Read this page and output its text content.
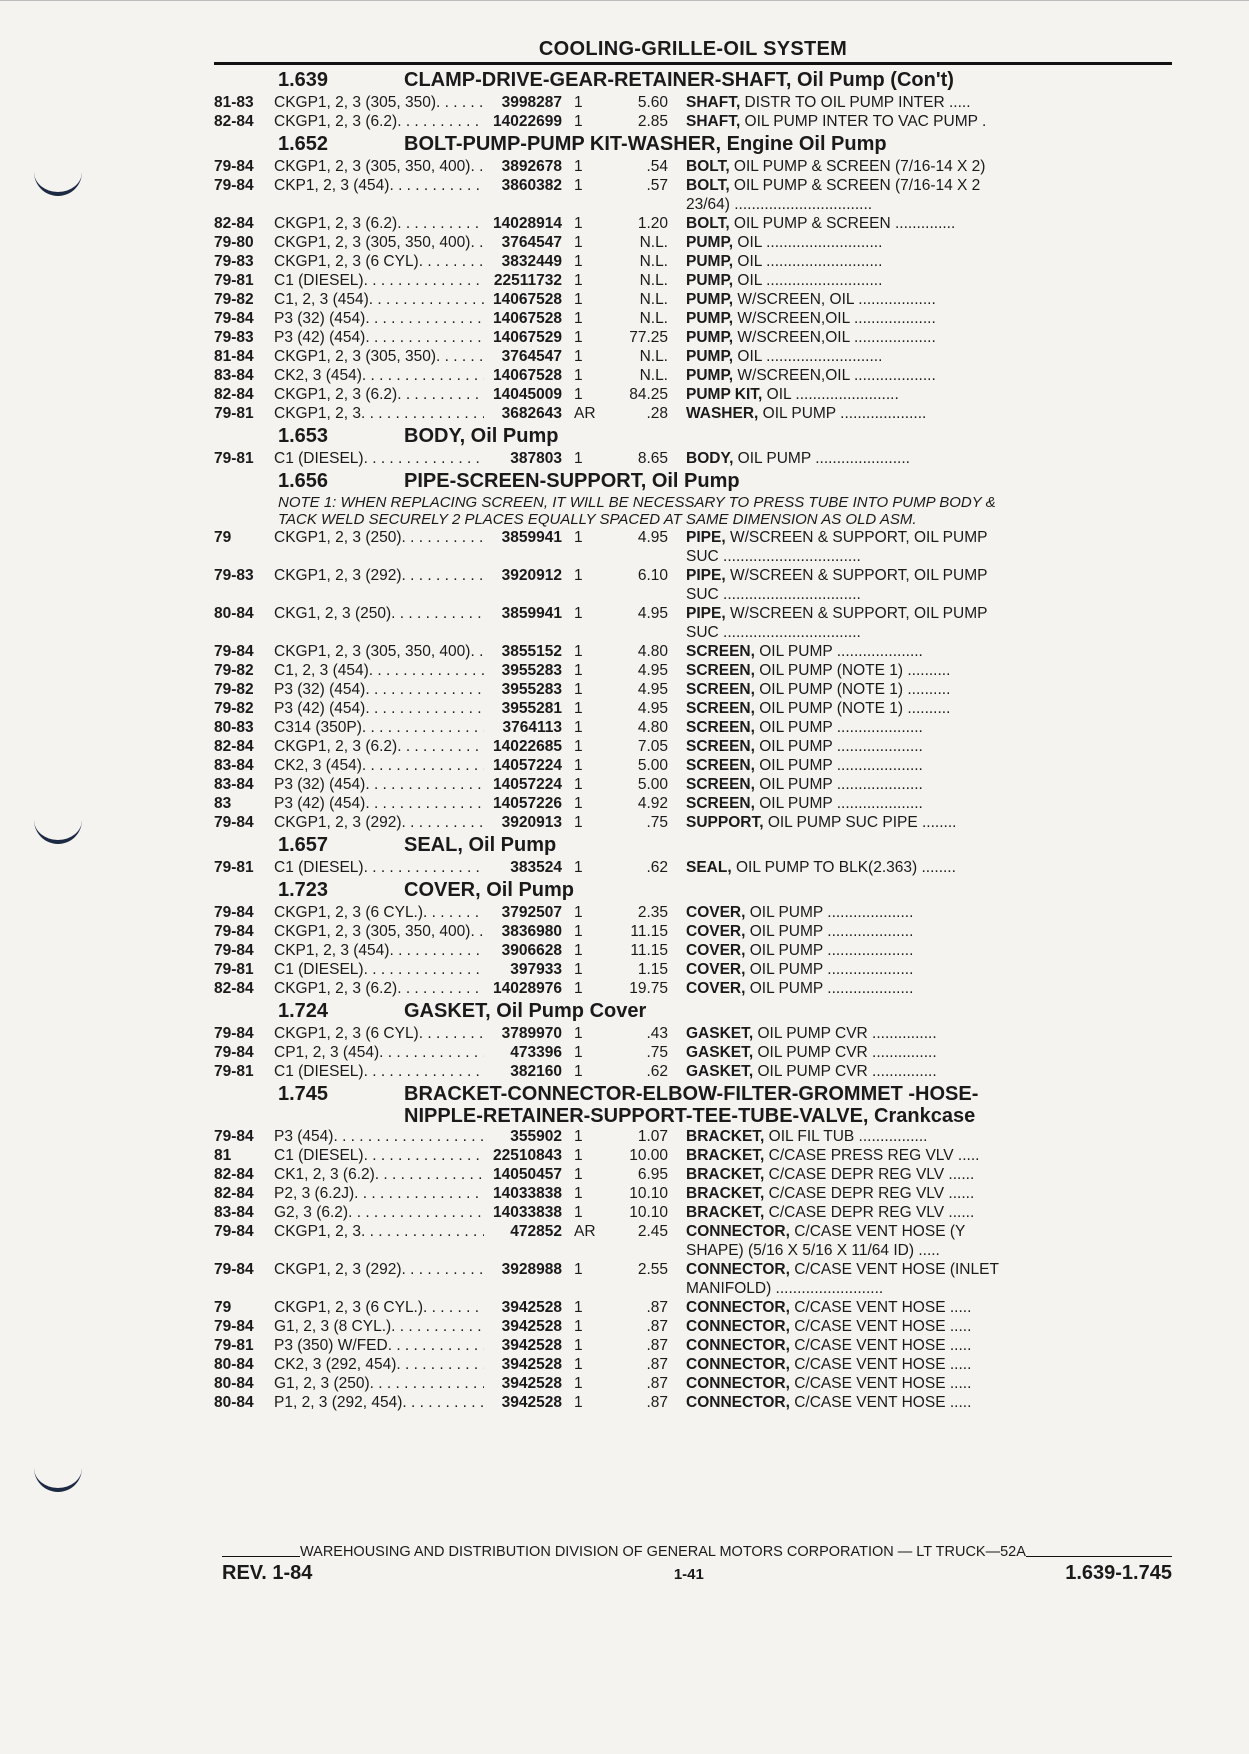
COOLING-GRILLE-OIL SYSTEM
1.639	CLAMP-DRIVE-GEAR-RETAINER-SHAFT, Oil Pump (Con't)
81-83	CKGP1, 2, 3 (305, 350) . . .	3998287 1	5.60	SHAFT, DISTR TO OIL PUMP INTER .....
82-84	CKGP1, 2, 3 (6.2) . . .	14022699 1	2.85	SHAFT, OIL PUMP INTER TO VAC PUMP .
1.652	BOLT-PUMP-PUMP KIT-WASHER, Engine Oil Pump
79-84	CKGP1, 2, 3 (305, 350, 400) . . .	3892678 1	.54	BOLT, OIL PUMP & SCREEN (7/16-14 X 2)
79-84	CKP1, 2, 3 (454) . . .	3860382 1	.57	BOLT, OIL PUMP & SCREEN (7/16-14 X 2
23/64) ................................
82-84	CKGP1, 2, 3 (6.2) . . .	14028914 1	1.20	BOLT, OIL PUMP & SCREEN ..............
79-80	CKGP1, 2, 3 (305, 350, 400) . . .	3764547 1	N.L.	PUMP, OIL ...........................
79-83	CKGP1, 2, 3 (6 CYL) . . .	3832449 1	N.L.	PUMP, OIL ...........................
79-81	C1 (DIESEL) . . .	22511732 1	N.L.	PUMP, OIL ...........................
79-82	C1, 2, 3 (454) . . .	14067528 1	N.L.	PUMP, W/SCREEN, OIL ..................
79-84	P3 (32) (454) . . .	14067528 1	N.L.	PUMP, W/SCREEN,OIL ...................
79-83	P3 (42) (454) . . .	14067529 1	77.25	PUMP, W/SCREEN,OIL ...................
81-84	CKGP1, 2, 3 (305, 350) . . .	3764547 1	N.L.	PUMP, OIL ...........................
83-84	CK2, 3 (454) . . .	14067528 1	N.L.	PUMP, W/SCREEN,OIL ...................
82-84	CKGP1, 2, 3 (6.2) . . .	14045009 1	84.25	PUMP KIT, OIL ........................
79-81	CKGP1, 2, 3 . . .	3682643 AR	.28	WASHER, OIL PUMP ....................
1.653	BODY, Oil Pump
79-81	C1 (DIESEL) . . .	387803 1	8.65	BODY, OIL PUMP ......................
1.656	PIPE-SCREEN-SUPPORT, Oil Pump
NOTE 1: WHEN REPLACING SCREEN, IT WILL BE NECESSARY TO PRESS TUBE INTO PUMP BODY &
TACK WELD SECURELY 2 PLACES EQUALLY SPACED AT SAME DIMENSION AS OLD ASM.
79	CKGP1, 2, 3 (250) . . .	3859941 1	4.95	PIPE, W/SCREEN & SUPPORT, OIL PUMP
SUC ................................
79-83	CKGP1, 2, 3 (292) . . .	3920912 1	6.10	PIPE, W/SCREEN & SUPPORT, OIL PUMP
SUC ................................
80-84	CKG1, 2, 3 (250) . . .	3859941 1	4.95	PIPE, W/SCREEN & SUPPORT, OIL PUMP
SUC ................................
79-84	CKGP1, 2, 3 (305, 350, 400) . . .	3855152 1	4.80	SCREEN, OIL PUMP ....................
79-82	C1, 2, 3 (454) . . .	3955283 1	4.95	SCREEN, OIL PUMP (NOTE 1) ..........
79-82	P3 (32) (454) . . .	3955283 1	4.95	SCREEN, OIL PUMP (NOTE 1) ..........
79-82	P3 (42) (454) . . .	3955281 1	4.95	SCREEN, OIL PUMP (NOTE 1) ..........
80-83	C314 (350P) . . .	3764113 1	4.80	SCREEN, OIL PUMP ....................
82-84	CKGP1, 2, 3 (6.2) . . .	14022685 1	7.05	SCREEN, OIL PUMP ....................
83-84	CK2, 3 (454) . . .	14057224 1	5.00	SCREEN, OIL PUMP ....................
83-84	P3 (32) (454) . . .	14057224 1	5.00	SCREEN, OIL PUMP ....................
83	P3 (42) (454) . . .	14057226 1	4.92	SCREEN, OIL PUMP ....................
79-84	CKGP1, 2, 3 (292) . . .	3920913 1	.75	SUPPORT, OIL PUMP SUC PIPE ........
1.657	SEAL, Oil Pump
79-81	C1 (DIESEL) . . .	383524 1	.62	SEAL, OIL PUMP TO BLK(2.363) ........
1.723	COVER, Oil Pump
79-84	CKGP1, 2, 3 (6 CYL.) . . .	3792507 1	2.35	COVER, OIL PUMP ....................
79-84	CKGP1, 2, 3 (305, 350, 400) . . .	3836980 1	11.15	COVER, OIL PUMP ....................
79-84	CKP1, 2, 3 (454) . . .	3906628 1	11.15	COVER, OIL PUMP ....................
79-81	C1 (DIESEL) . . .	397933 1	1.15	COVER, OIL PUMP ....................
82-84	CKGP1, 2, 3 (6.2) . . .	14028976 1	19.75	COVER, OIL PUMP ....................
1.724	GASKET, Oil Pump Cover
79-84	CKGP1, 2, 3 (6 CYL) . . .	3789970 1	.43	GASKET, OIL PUMP CVR ...............
79-84	CP1, 2, 3 (454) . . .	473396 1	.75	GASKET, OIL PUMP CVR ...............
79-81	C1 (DIESEL) . . .	382160 1	.62	GASKET, OIL PUMP CVR ...............
1.745	BRACKET-CONNECTOR-ELBOW-FILTER-GROMMET -HOSE-
NIPPLE-RETAINER-SUPPORT-TEE-TUBE-VALVE, Crankcase
79-84	P3 (454) . . .	355902 1	1.07	BRACKET, OIL FIL TUB ................
81	C1 (DIESEL) . . .	22510843 1	10.00	BRACKET, C/CASE PRESS REG VLV .....
82-84	CK1, 2, 3 (6.2) . . .	14050457 1	6.95	BRACKET, C/CASE DEPR REG VLV ......
82-84	P2, 3 (6.2J) . . .	14033838 1	10.10	BRACKET, C/CASE DEPR REG VLV ......
83-84	G2, 3 (6.2) . . .	14033838 1	10.10	BRACKET, C/CASE DEPR REG VLV ......
79-84	CKGP1, 2, 3 . . .	472852 AR	2.45	CONNECTOR, C/CASE VENT HOSE (Y
SHAPE) (5/16 X 5/16 X 11/64 ID) .....
79-84	CKGP1, 2, 3 (292) . . .	3928988 1	2.55	CONNECTOR, C/CASE VENT HOSE (INLET
MANIFOLD) .........................
79	CKGP1, 2, 3 (6 CYL.) . . .	3942528 1	.87	CONNECTOR, C/CASE VENT HOSE .....
79-84	G1, 2, 3 (8 CYL.) . . .	3942528 1	.87	CONNECTOR, C/CASE VENT HOSE .....
79-81	P3 (350) W/FED . . .	3942528 1	.87	CONNECTOR, C/CASE VENT HOSE .....
80-84	CK2, 3 (292, 454) . . .	3942528 1	.87	CONNECTOR, C/CASE VENT HOSE .....
80-84	G1, 2, 3 (250) . . .	3942528 1	.87	CONNECTOR, C/CASE VENT HOSE .....
80-84	P1, 2, 3 (292, 454) . . .	3942528 1	.87	CONNECTOR, C/CASE VENT HOSE .....
WAREHOUSING AND DISTRIBUTION DIVISION OF GENERAL MOTORS CORPORATION — LT TRUCK—52A
REV. 1-84	1-41	1.639-1.745
